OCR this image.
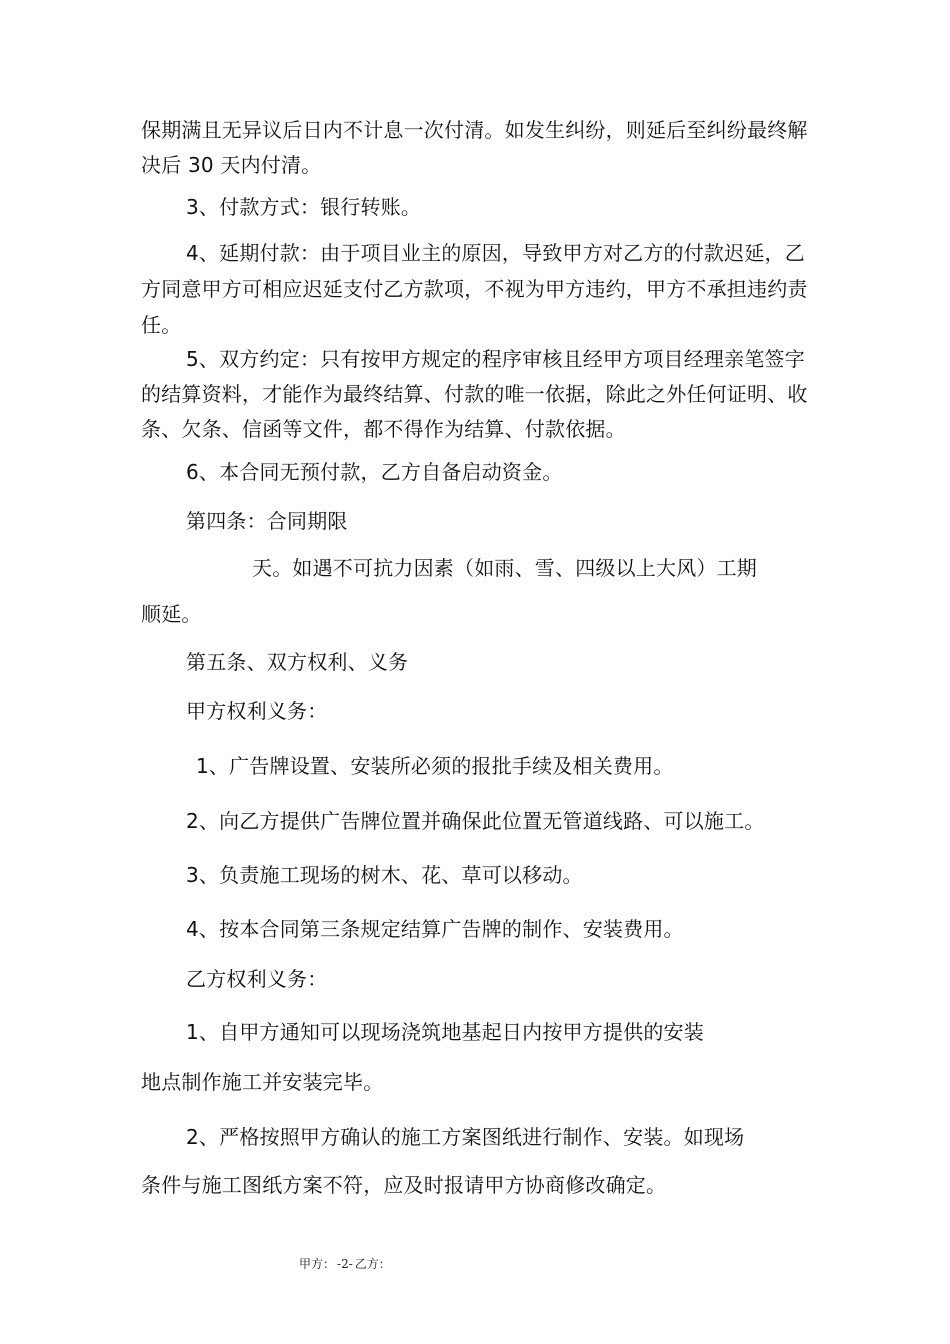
保期满且无异议后日内不计息一次付清。如发生纠纷，则延后至纠纷最终解
决后 30 天内付清。
3、付款方式：银行转账。
4、延期付款：由于项目业主的原因，导致甲方对乙方的付款迟延，乙
方同意甲方可相应迟延支付乙方款项，不视为甲方违约，甲方不承担违约责
任。
5、双方约定：只有按甲方规定的程序审核且经甲方项目经理亲笔签字
的结算资料，才能作为最终结算、付款的唯一依据，除此之外任何证明、收
条、欠条、信函等文件，都不得作为结算、付款依据。
6、本合同无预付款，乙方自备启动资金。
第四条：合同期限
天。如遇不可抗力因素（如雨、雪、四级以上大风）工期
顺延。
第五条、双方权利、义务
甲方权利义务：
1、广告牌设置、安装所必须的报批手续及相关费用。
2、向乙方提供广告牌位置并确保此位置无管道线路、可以施工。
3、负责施工现场的树木、花、草可以移动。
4、按本合同第三条规定结算广告牌的制作、安装费用。
乙方权利义务：
1、自甲方通知可以现场浇筑地基起日内按甲方提供的安装
地点制作施工并安装完毕。
2、严格按照甲方确认的施工方案图纸进行制作、安装。如现场
条件与施工图纸方案不符，应及时报请甲方协商修改确定。
甲方： -2- 乙方：
